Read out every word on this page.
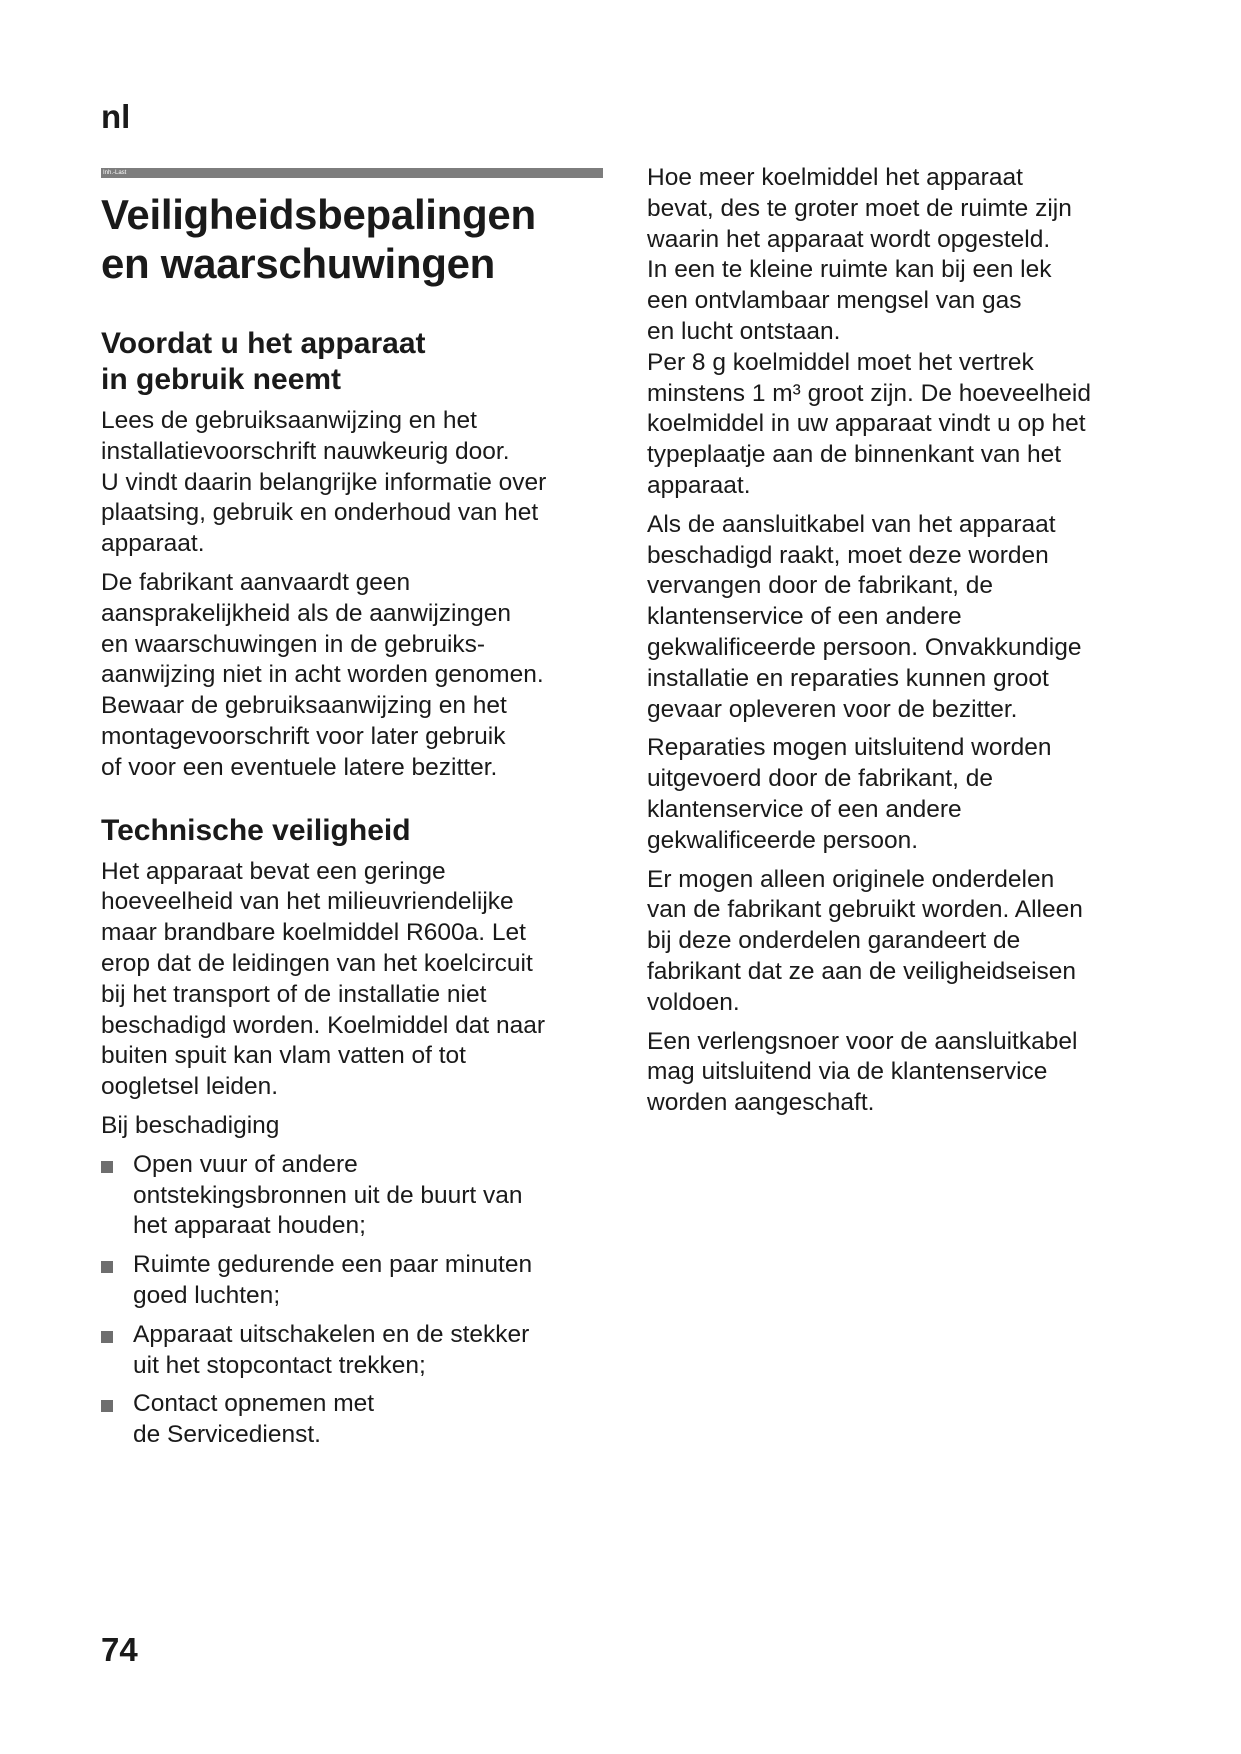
nl
Inh.-Last
Veiligheidsbepalingen
en waarschuwingen
Voordat u het apparaat
in gebruik neemt

Lees de gebruiksaanwijzing en het
installatievoorschrift nauwkeurig door.
U vindt daarin belangrijke informatie over
plaatsing, gebruik en onderhoud van het
apparaat.

De fabrikant aanvaardt geen
aansprakelijkheid als de aanwijzingen
en waarschuwingen in de gebruiks-
aanwijzing niet in acht worden genomen.
Bewaar de gebruiksaanwijzing en het
montagevoorschrift voor later gebruik
of voor een eventuele latere bezitter.

Technische veiligheid

Het apparaat bevat een geringe
hoeveelheid van het milieuvriendelijke
maar brandbare koelmiddel R600a. Let
erop dat de leidingen van het koelcircuit
bij het transport of de installatie niet
beschadigd worden. Koelmiddel dat naar
buiten spuit kan vlam vatten of tot
oogletsel leiden.

Bij beschadiging

Open vuur of andere
ontstekingsbronnen uit de buurt van
het apparaat houden;
Ruimte gedurende een paar minuten
goed luchten;
Apparaat uitschakelen en de stekker
uit het stopcontact trekken;
Contact opnemen met
de Servicedienst.

Hoe meer koelmiddel het apparaat
bevat, des te groter moet de ruimte zijn
waarin het apparaat wordt opgesteld.
In een te kleine ruimte kan bij een lek
een ontvlambaar mengsel van gas
en lucht ontstaan.
Per 8 g koelmiddel moet het vertrek
minstens 1 m³ groot zijn. De hoeveelheid
koelmiddel in uw apparaat vindt u op het
typeplaatje aan de binnenkant van het
apparaat.

Als de aansluitkabel van het apparaat
beschadigd raakt, moet deze worden
vervangen door de fabrikant, de
klantenservice of een andere
gekwalificeerde persoon. Onvakkundige
installatie en reparaties kunnen groot
gevaar opleveren voor de bezitter.

Reparaties mogen uitsluitend worden
uitgevoerd door de fabrikant, de
klantenservice of een andere
gekwalificeerde persoon.

Er mogen alleen originele onderdelen
van de fabrikant gebruikt worden. Alleen
bij deze onderdelen garandeert de
fabrikant dat ze aan de veiligheidseisen
voldoen.

Een verlengsnoer voor de aansluitkabel
mag uitsluitend via de klantenservice
worden aangeschaft.

74
